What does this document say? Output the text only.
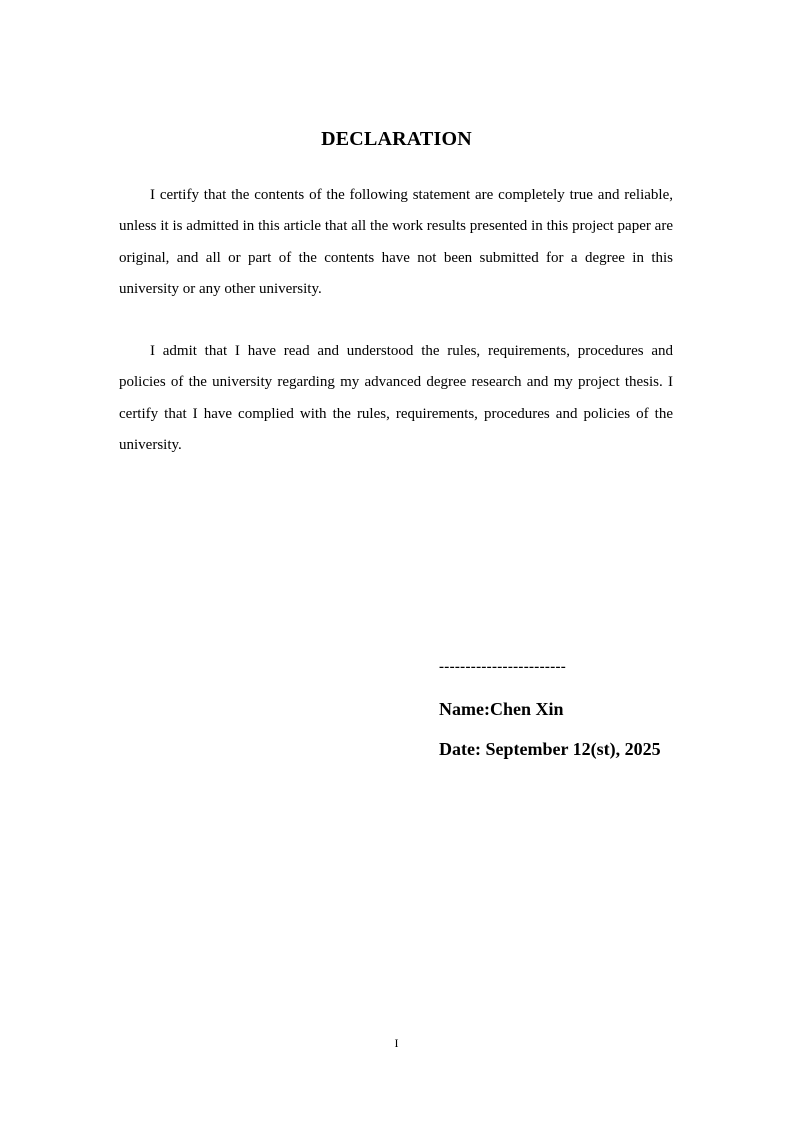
DECLARATION

I certify that the contents of the following statement are completely true and reliable, unless it is admitted in this article that all the work results presented in this project paper are original, and all or part of the contents have not been submitted for a degree in this university or any other university.

I admit that I have read and understood the rules, requirements, procedures and policies of the university regarding my advanced degree research and my project thesis. I certify that I have complied with the rules, requirements, procedures and policies of the university.

------------------------
Name:Chen Xin
Date: September 12(st), 2025
I
